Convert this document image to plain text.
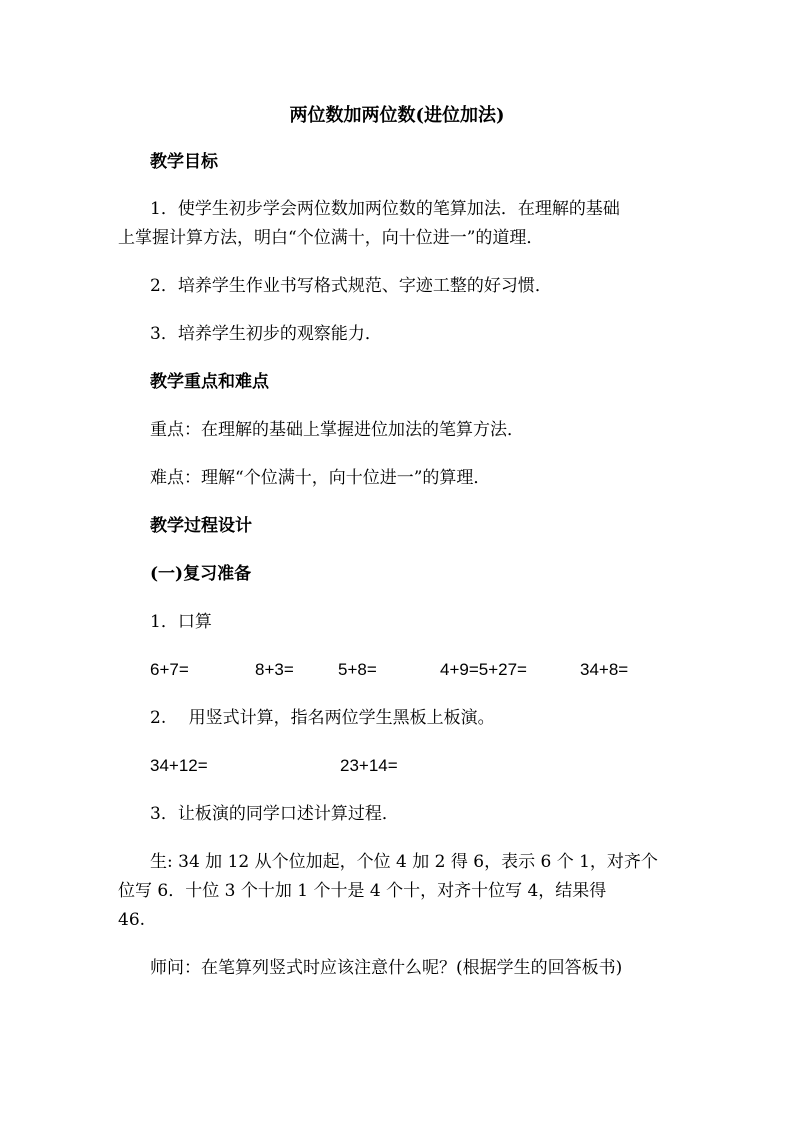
两位数加两位数(进位加法)
教学目标
1．使学生初步学会两位数加两位数的笔算加法．在理解的基础
上掌握计算方法，明白“个位满十，向十位进一”的道理．
2．培养学生作业书写格式规范、字迹工整的好习惯．
3．培养学生初步的观察能力．
教学重点和难点
重点：在理解的基础上掌握进位加法的笔算方法．
难点：理解“个位满十，向十位进一”的算理．
教学过程设计
(一)复习准备
1．口算
6+7=	8+3=	5+8=	4+9=5+27=	34+8=
2.　 用竖式计算，指名两位学生黑板上板演。
34+12=	23+14=
3．让板演的同学口述计算过程．
生: 34 加 12 从个位加起，个位 4 加 2 得 6，表示 6 个 1，对齐个
位写 6．十位 3 个十加 1 个十是 4 个十，对齐十位写 4，结果得
46.
师问：在笔算列竖式时应该注意什么呢？(根据学生的回答板书)
